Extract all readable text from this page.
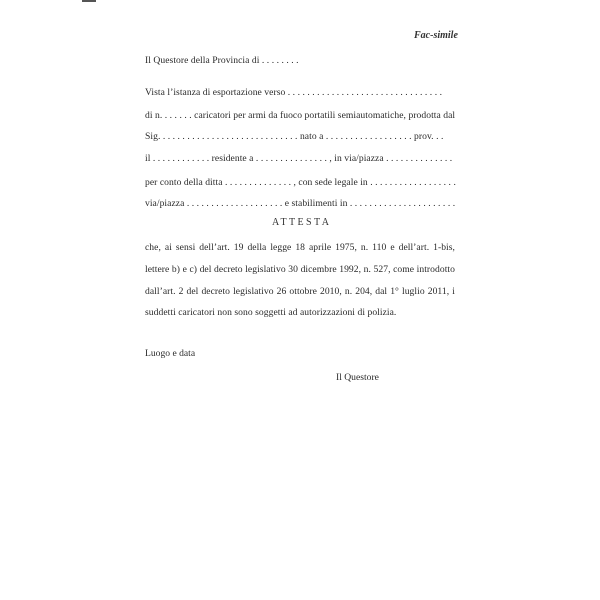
Fac-simile
Il Questore della Provincia di . . . . . . . .
Vista l’istanza di esportazione verso . . . . . . . . . . . . . . . . . . . . . . . . . . . . . . . .
di n. . . . . . . caricatori per armi da fuoco portatili semiautomatiche, prodotta dal
Sig. . . . . . . . . . . . . . . . . . . . . . . . . . . . . nato a . . . . . . . . . . . . . . . . . . prov. . .
il . . . . . . . . . . . . residente a . . . . . . . . . . . . . . . , in via/piazza . . . . . . . . . . . . . .
per conto della ditta . . . . . . . . . . . . . . , con sede legale in . . . . . . . . . . . . . . . . . .
via/piazza . . . . . . . . . . . . . . . . . . . . e stabilimenti in . . . . . . . . . . . . . . . . . . . . . .
ATTESTA
che, ai sensi dell’art. 19 della legge 18 aprile 1975, n. 110 e dell’art. 1-bis,
lettere b) e c) del decreto legislativo 30 dicembre 1992, n. 527, come introdotto
dall’art. 2 del decreto legislativo 26 ottobre 2010, n. 204, dal 1° luglio 2011, i
suddetti caricatori non sono soggetti ad autorizzazioni di polizia.
Luogo e data
Il Questore
